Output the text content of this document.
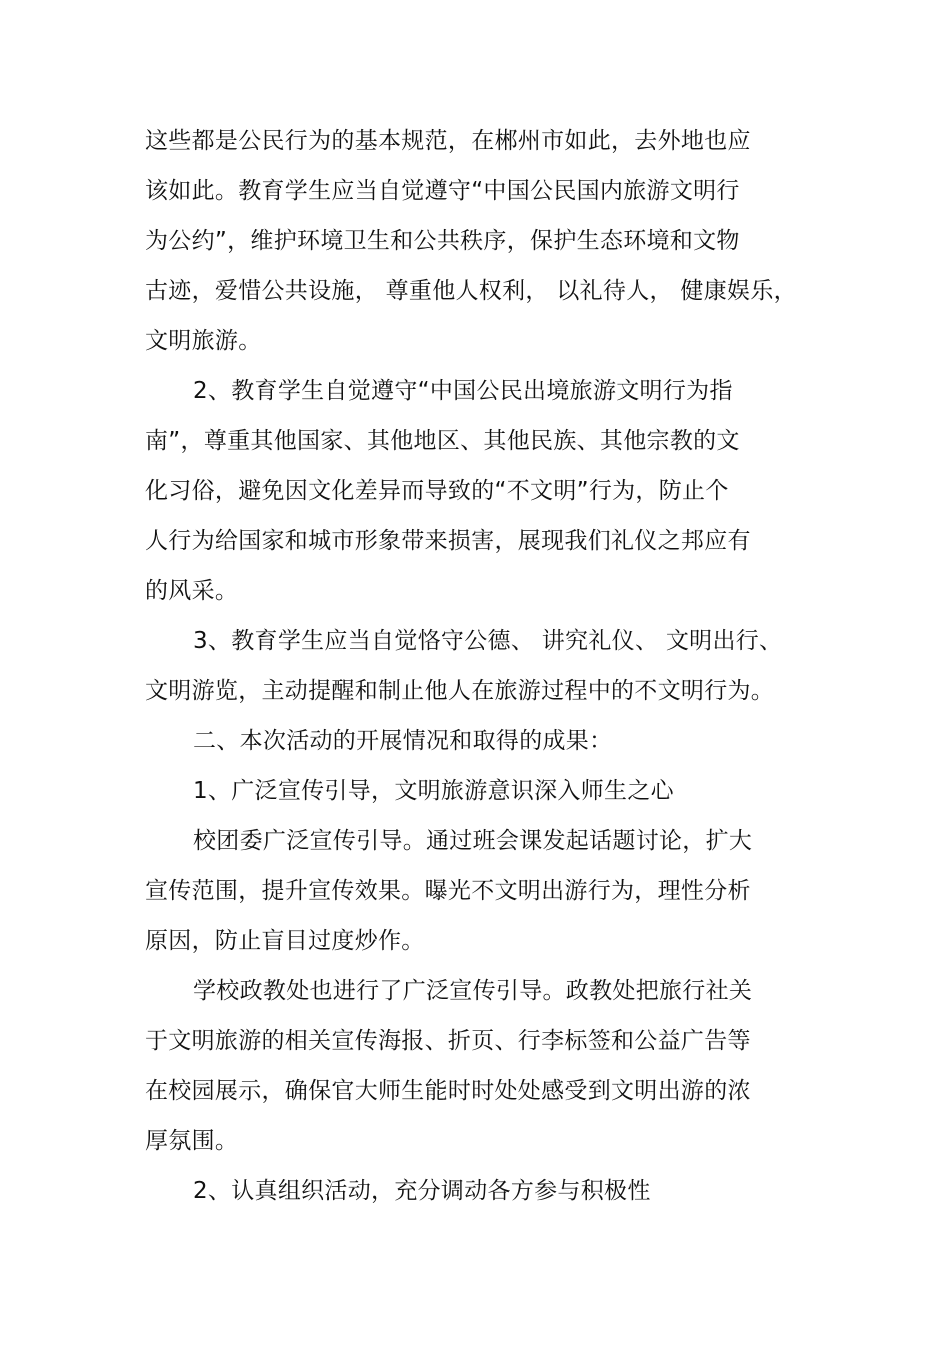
这些都是公民行为的基本规范，在郴州市如此，去外地也应
该如此。教育学生应当自觉遵守“中国公民国内旅游文明行
为公约”，维护环境卫生和公共秩序，保护生态环境和文物
古迹，爱惜公共设施， 尊重他人权利， 以礼待人， 健康娱乐，
文明旅游。
2、教育学生自觉遵守“中国公民出境旅游文明行为指
南”，尊重其他国家、其他地区、其他民族、其他宗教的文
化习俗，避免因文化差异而导致的“不文明”行为，防止个
人行为给国家和城市形象带来损害，展现我们礼仪之邦应有
的风采。
3、教育学生应当自觉恪守公德、 讲究礼仪、 文明出行、
文明游览，主动提醒和制止他人在旅游过程中的不文明行为。
二、本次活动的开展情况和取得的成果：
1、广泛宣传引导，文明旅游意识深入师生之心
校团委广泛宣传引导。通过班会课发起话题讨论，扩大
宣传范围，提升宣传效果。曝光不文明出游行为，理性分析
原因，防止盲目过度炒作。
学校政教处也进行了广泛宣传引导。政教处把旅行社关
于文明旅游的相关宣传海报、折页、行李标签和公益广告等
在校园展示，确保官大师生能时时处处感受到文明出游的浓
厚氛围。
2、认真组织活动，充分调动各方参与积极性
